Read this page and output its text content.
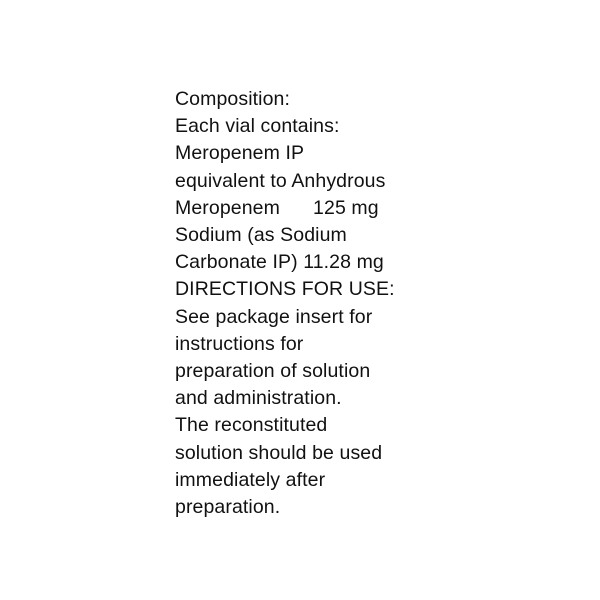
Composition:
Each vial contains:
Meropenem IP
equivalent to Anhydrous
Meropenem      125 mg
Sodium (as Sodium
Carbonate IP) 11.28 mg
DIRECTIONS FOR USE:
See package insert for
instructions for
preparation of solution
and administration.
The reconstituted
solution should be used
immediately after
preparation.
